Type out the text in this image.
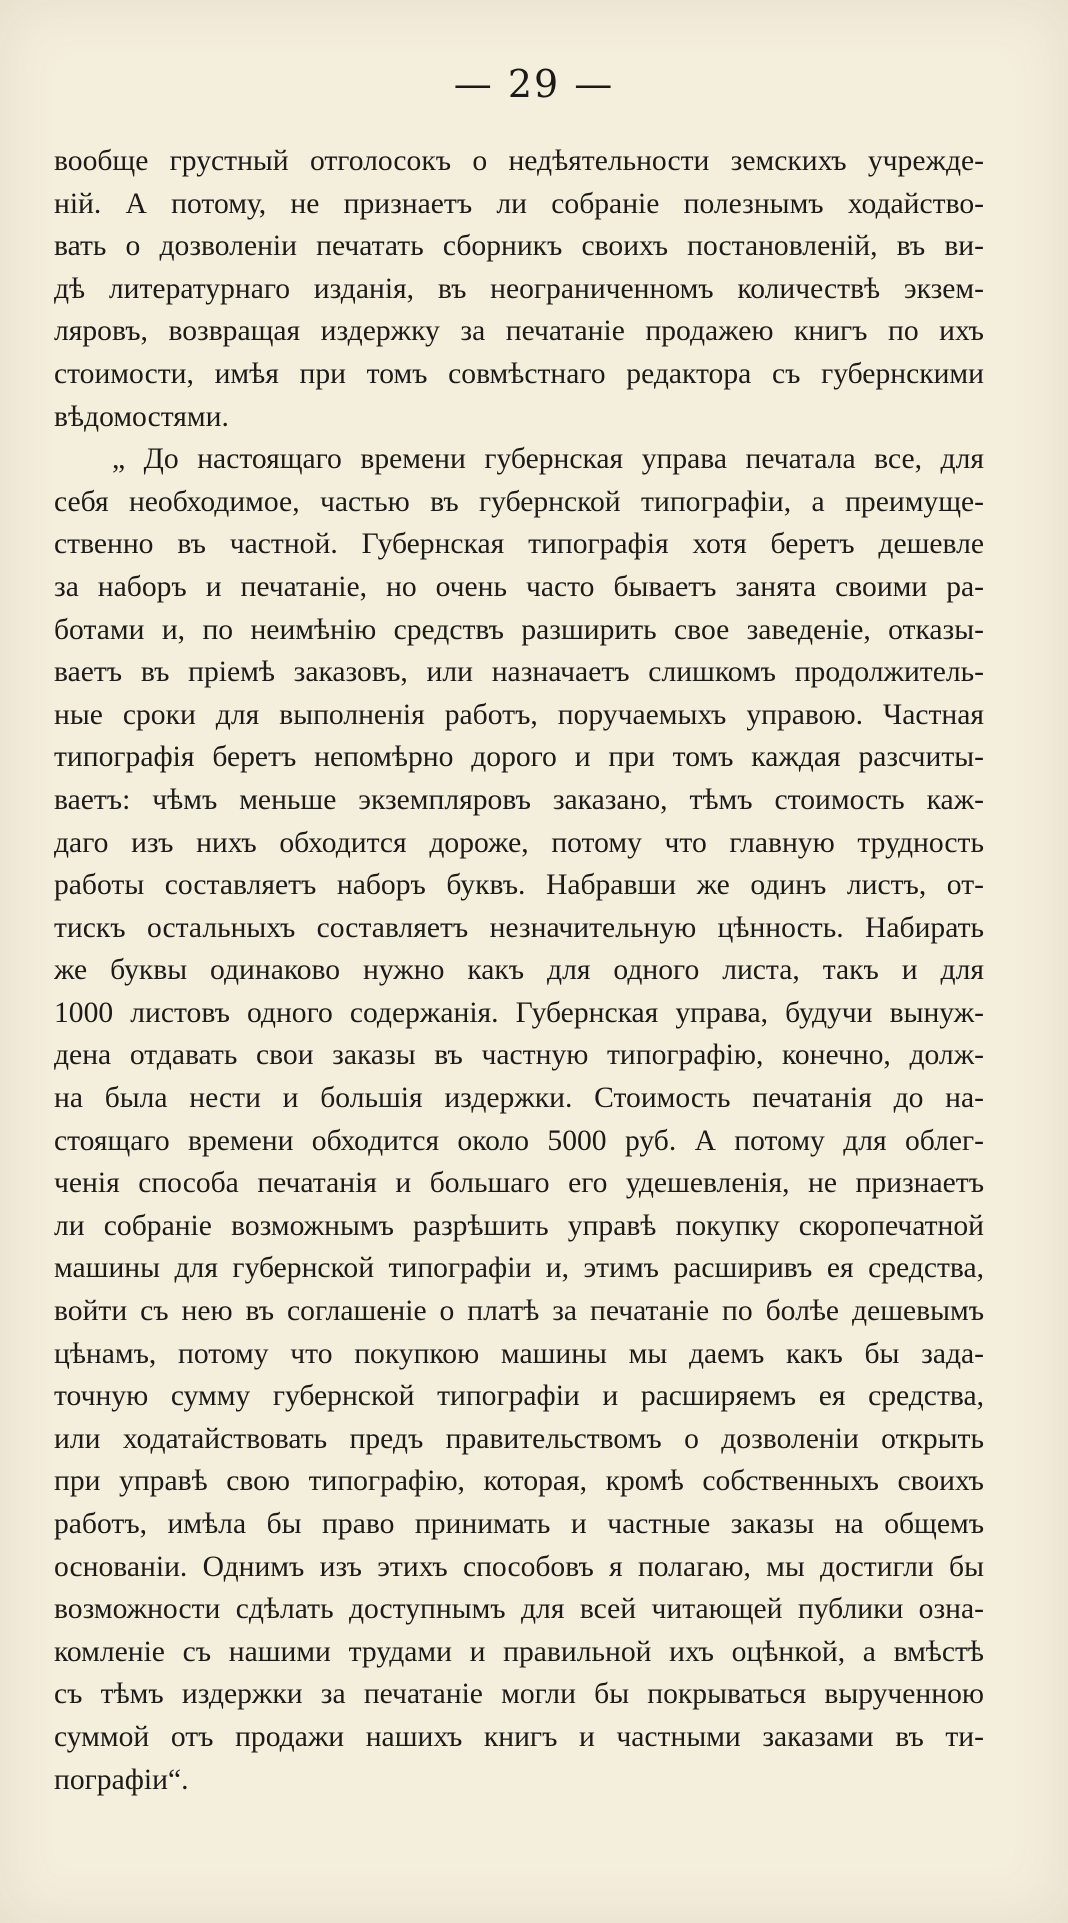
— 29 —
вообще грустный отголосокъ о недѣятельности земскихъ учрежде-
ній. А потому, не признаетъ ли собраніе полезнымъ ходайство-
вать о дозволеніи печатать сборникъ своихъ постановленій, въ ви-
дѣ литературнаго изданія, въ неограниченномъ количествѣ экзем-
ляровъ, возвращая издержку за печатаніе продажею книгъ по ихъ
стоимости, имѣя при томъ совмѣстнаго редактора съ губернскими
вѣдомостями.
„ До настоящаго времени губернская управа печатала все, для
себя необходимое, частью въ губернской типографіи, а преимуще-
ственно въ частной. Губернская типографія хотя беретъ дешевле
за наборъ и печатаніе, но очень часто бываетъ занята своими ра-
ботами и, по неимѣнію средствъ разширить свое заведеніе, отказы-
ваетъ въ пріемѣ заказовъ, или назначаетъ слишкомъ продолжитель-
ные сроки для выполненія работъ, поручаемыхъ управою. Частная
типографія беретъ непомѣрно дорого и при томъ каждая разсчиты-
ваетъ: чѣмъ меньше экземпляровъ заказано, тѣмъ стоимость каж-
даго изъ нихъ обходится дороже, потому что главную трудность
работы составляетъ наборъ буквъ. Набравши же одинъ листъ, от-
тискъ остальныхъ составляетъ незначительную цѣнность. Набирать
же буквы одинаково нужно какъ для одного листа, такъ и для
1000 листовъ одного содержанія. Губернская управа, будучи вынуж-
дена отдавать свои заказы въ частную типографію, конечно, долж-
на была нести и большія издержки. Стоимость печатанія до на-
стоящаго времени обходится около 5000 руб. А потому для облег-
ченія способа печатанія и большаго его удешевленія, не признаетъ
ли собраніе возможнымъ разрѣшить управѣ покупку скоропечатной
машины для губернской типографіи и, этимъ расширивъ ея средства,
войти съ нею въ соглашеніе о платѣ за печатаніе по болѣе дешевымъ
цѣнамъ, потому что покупкою машины мы даемъ какъ бы зада-
точную сумму губернской типографіи и расширяемъ ея средства,
или ходатайствовать предъ правительствомъ о дозволеніи открыть
при управѣ свою типографію, которая, кромѣ собственныхъ своихъ
работъ, имѣла бы право принимать и частные заказы на общемъ
основаніи. Однимъ изъ этихъ способовъ я полагаю, мы достигли бы
возможности сдѣлать доступнымъ для всей читающей публики озна-
комленіе съ нашими трудами и правильной ихъ оцѣнкой, а вмѣстѣ
съ тѣмъ издержки за печатаніе могли бы покрываться вырученною
суммой отъ продажи нашихъ книгъ и частными заказами въ ти-
пографіи“.
